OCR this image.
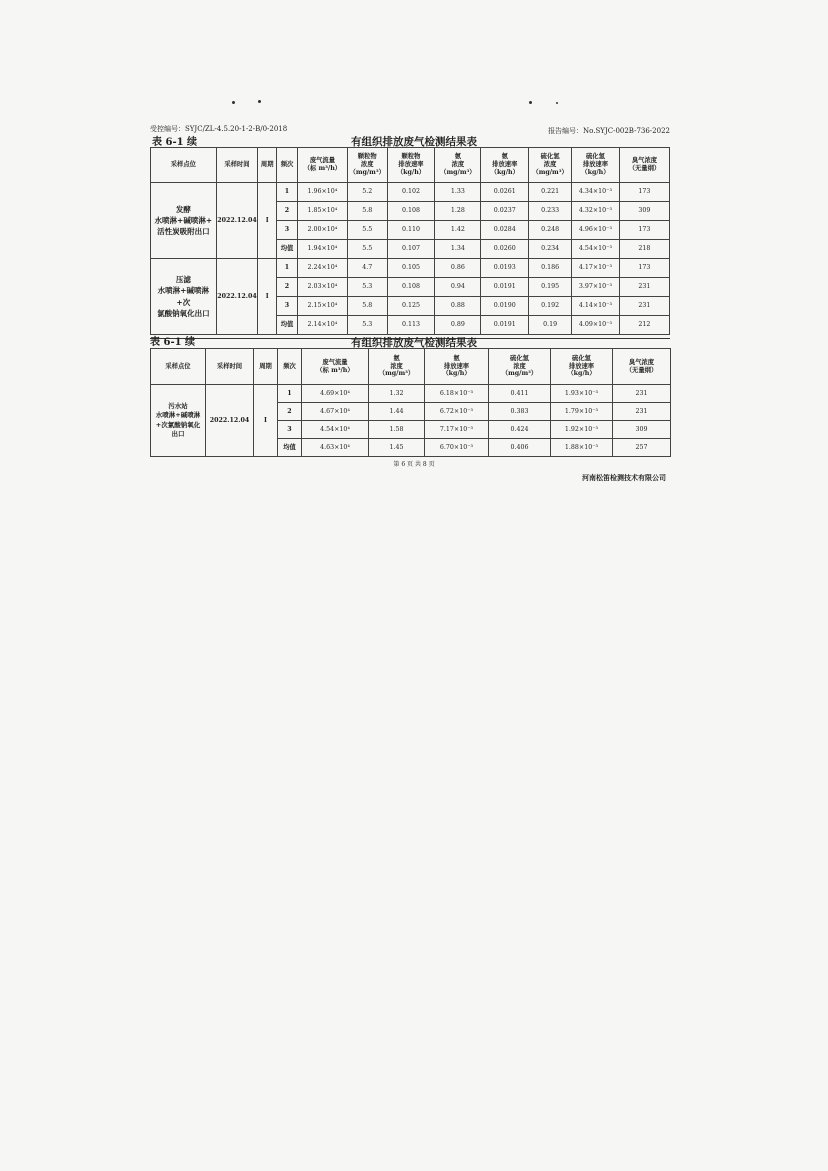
受控编号：SYJC/ZL-4.5.20-1-2-B/0-2018	报告编号：No.SYJC-002B-736-2022
表 6-1 续	有组织排放废气检测结果表
采样点位	采样时间	周期	频次	废气流量
（标 m³/h）	颗粒物
浓度
（mg/m³）	颗粒物
排放速率
（kg/h）	氨
浓度
（mg/m³）	氨
排放速率
（kg/h）	硫化氢
浓度
（mg/m³）	硫化氢
排放速率
（kg/h）	臭气浓度
（无量纲）
发酵
水喷淋+碱喷淋+
活性炭吸附出口	2022.12.04	I	1	1.96×10⁴	5.2	0.102	1.33	0.0261	0.221	4.34×10⁻³	173
			2	1.85×10⁴	5.8	0.108	1.28	0.0237	0.233	4.32×10⁻³	309
			3	2.00×10⁴	5.5	0.110	1.42	0.0284	0.248	4.96×10⁻³	173
			均值	1.94×10⁴	5.5	0.107	1.34	0.0260	0.234	4.54×10⁻³	218
压滤
水喷淋+碱喷淋+次
氯酸钠氧化出口	2022.12.04	I	1	2.24×10⁴	4.7	0.105	0.86	0.0193	0.186	4.17×10⁻³	173
			2	2.03×10⁴	5.3	0.108	0.94	0.0191	0.195	3.97×10⁻³	231
			3	2.15×10⁴	5.8	0.125	0.88	0.0190	0.192	4.14×10⁻³	231
			均值	2.14×10⁴	5.3	0.113	0.89	0.0191	0.19	4.09×10⁻³	212
表 6-1 续	有组织排放废气检测结果表
采样点位	采样时间	周期	频次	废气流量
（标 m³/h）	氨
浓度
（mg/m³）	氨
排放速率
（kg/h）	硫化氢
浓度
（mg/m³）	硫化氢
排放速率
（kg/h）	臭气浓度
（无量纲）
污水站
水喷淋+碱喷淋
+次氯酸钠氧化
出口	2022.12.04	I	1	4.69×10⁴	1.32	6.18×10⁻³	0.411	1.93×10⁻³	231
			2	4.67×10⁴	1.44	6.72×10⁻³	0.383	1.79×10⁻³	231
			3	4.54×10⁴	1.58	7.17×10⁻³	0.424	1.92×10⁻³	309
			均值	4.63×10⁴	1.45	6.70×10⁻³	0.406	1.88×10⁻³	257
第 6 页 共 8 页
河南松笛检测技术有限公司
